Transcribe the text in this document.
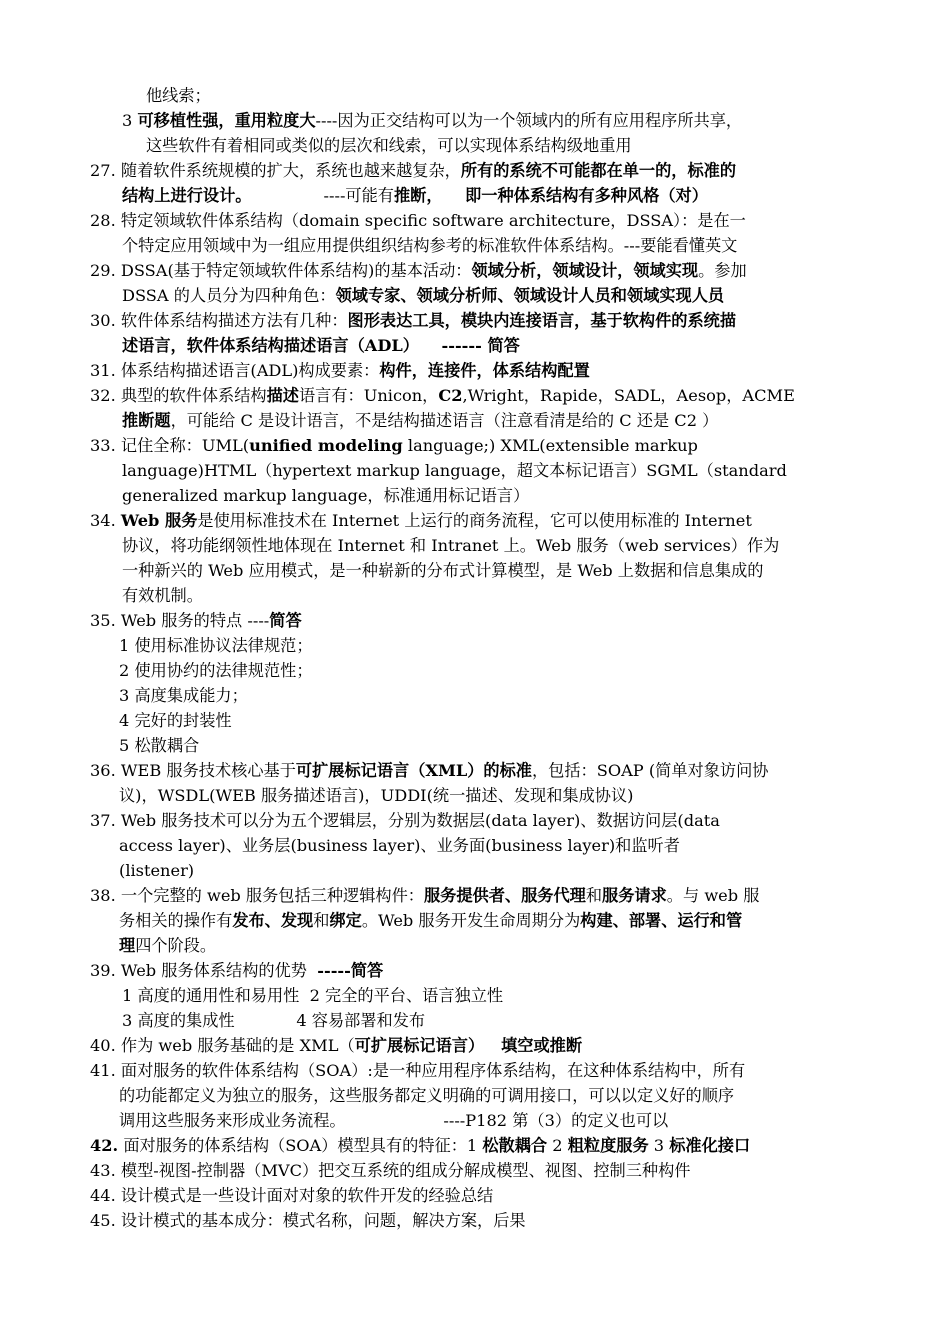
他线索；
3 可移植性强，重用粒度大----因为正交结构可以为一个领域内的所有应用程序所共享，
这些软件有着相同或类似的层次和线索，可以实现体系结构级地重用
27. 随着软件系统规模的扩大，系统也越来越复杂，所有的系统不可能都在单一的，标准的
结构上进行设计。              ----可能有推断，    即一种体系结构有多种风格（对）
28. 特定领域软件体系结构（domain specific software architecture，DSSA）：是在一
个特定应用领域中为一组应用提供组织结构参考的标准软件体系结构。---要能看懂英文
29. DSSA(基于特定领域软件体系结构)的基本活动：领域分析，领域设计，领域实现。参加
DSSA 的人员分为四种角色：领域专家、领域分析师、领域设计人员和领域实现人员
30. 软件体系结构描述方法有几种：图形表达工具，模块内连接语言，基于软构件的系统描
述语言，软件体系结构描述语言（ADL）    ------ 简答
31. 体系结构描述语言(ADL)构成要素：构件，连接件，体系结构配置
32. 典型的软件体系结构描述语言有：Unicon，C2,Wright，Rapide，SADL，Aesop，ACME
推断题，可能给 C 是设计语言，不是结构描述语言（注意看清是给的 C 还是 C2 ）
33. 记住全称：UML(unified modeling language;) XML(extensible markup
language)HTML（hypertext markup language，超文本标记语言）SGML（standard
generalized markup language，标准通用标记语言）
34. Web 服务是使用标准技术在 Internet 上运行的商务流程，它可以使用标准的 Internet
协议，将功能纲领性地体现在 Internet 和 Intranet 上。Web 服务（web services）作为
一种新兴的 Web 应用模式，是一种崭新的分布式计算模型，是 Web 上数据和信息集成的
有效机制。
35. Web 服务的特点 ----简答
1 使用标准协议法律规范；
2 使用协约的法律规范性；
3 高度集成能力；
4 完好的封装性
5 松散耦合
36. WEB 服务技术核心基于可扩展标记语言（XML）的标准，包括：SOAP (简单对象访问协
议)，WSDL(WEB 服务描述语言)，UDDI(统一描述、发现和集成协议)
37. Web 服务技术可以分为五个逻辑层，分别为数据层(data layer)、数据访问层(data
access layer)、业务层(business layer)、业务面(business layer)和监听者
(listener)
38. 一个完整的 web 服务包括三种逻辑构件：服务提供者、服务代理和服务请求。与 web 服
务相关的操作有发布、发现和绑定。Web 服务开发生命周期分为构建、部署、运行和管
理四个阶段。
39. Web 服务体系结构的优势  -----简答
1 高度的通用性和易用性  2 完全的平台、语言独立性
3 高度的集成性            4 容易部署和发布
40. 作为 web 服务基础的是 XML（可扩展标记语言）   填空或推断
41. 面对服务的软件体系结构（SOA）:是一种应用程序体系结构，在这种体系结构中，所有
的功能都定义为独立的服务，这些服务都定义明确的可调用接口，可以以定义好的顺序
调用这些服务来形成业务流程。                   ----P182 第（3）的定义也可以
42. 面对服务的体系结构（SOA）模型具有的特征：1 松散耦合 2 粗粒度服务 3 标准化接口
43. 模型-视图-控制器（MVC）把交互系统的组成分解成模型、视图、控制三种构件
44. 设计模式是一些设计面对对象的软件开发的经验总结
45. 设计模式的基本成分：模式名称，问题，解决方案，后果
